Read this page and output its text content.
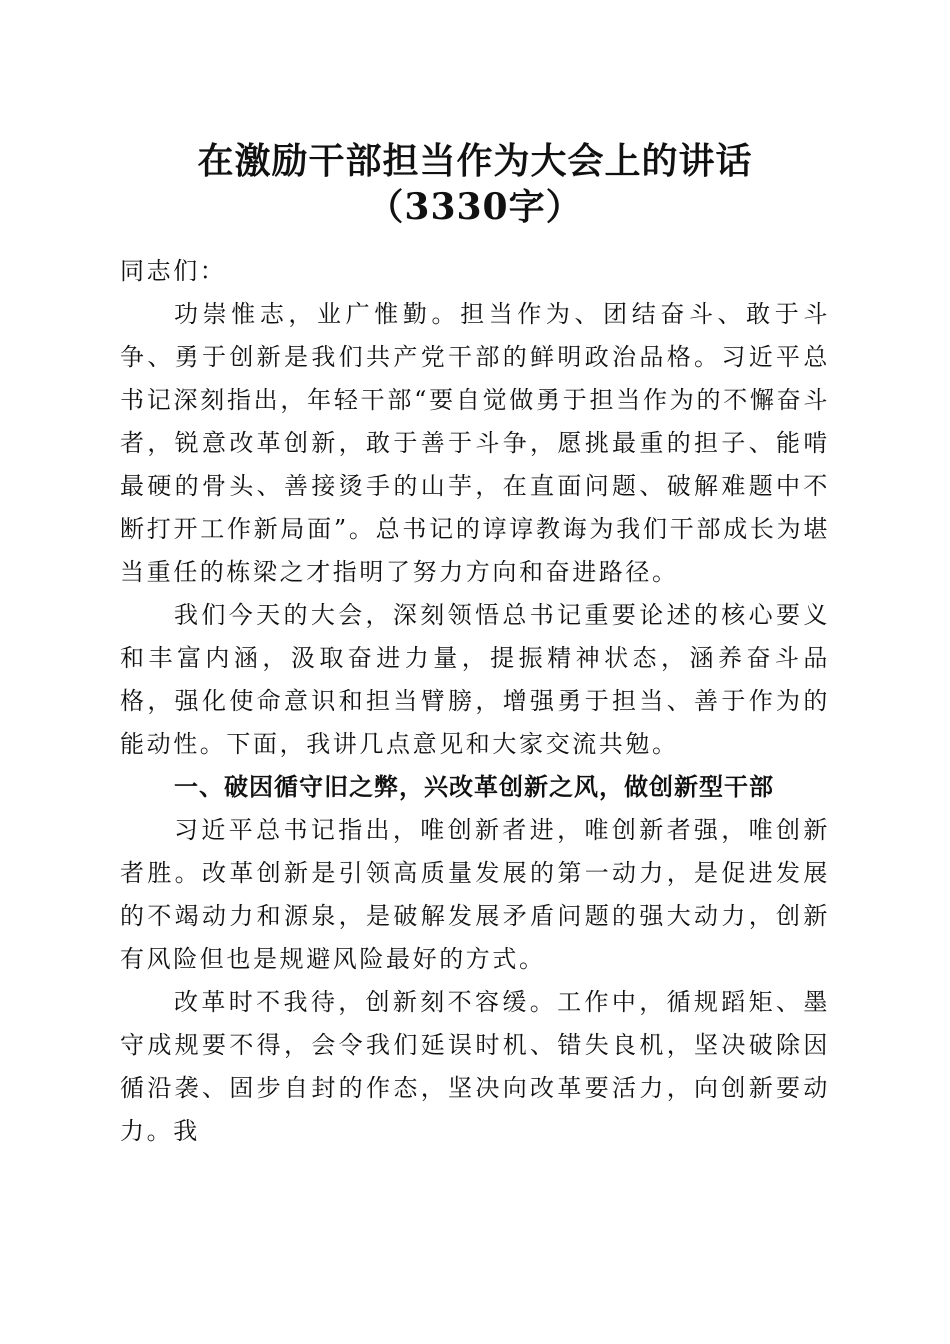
在激励干部担当作为大会上的讲话（3330字）

同志们：

功崇惟志，业广惟勤。担当作为、团结奋斗、敢于斗争、勇于创新是我们共产党干部的鲜明政治品格。习近平总书记深刻指出，年轻干部“要自觉做勇于担当作为的不懈奋斗者，锐意改革创新，敢于善于斗争，愿挑最重的担子、能啃最硬的骨头、善接烫手的山芋，在直面问题、破解难题中不断打开工作新局面”。总书记的谆谆教诲为我们干部成长为堪当重任的栋梁之才指明了努力方向和奋进路径。

我们今天的大会，深刻领悟总书记重要论述的核心要义和丰富内涵，汲取奋进力量，提振精神状态，涵养奋斗品格，强化使命意识和担当臂膀，增强勇于担当、善于作为的能动性。下面，我讲几点意见和大家交流共勉。

一、破因循守旧之弊，兴改革创新之风，做创新型干部

习近平总书记指出，唯创新者进，唯创新者强，唯创新者胜。改革创新是引领高质量发展的第一动力，是促进发展的不竭动力和源泉，是破解发展矛盾问题的强大动力，创新有风险但也是规避风险最好的方式。

改革时不我待，创新刻不容缓。工作中，循规蹈矩、墨守成规要不得，会令我们延误时机、错失良机，坚决破除因循沿袭、固步自封的作态，坚决向改革要活力，向创新要动力。我
